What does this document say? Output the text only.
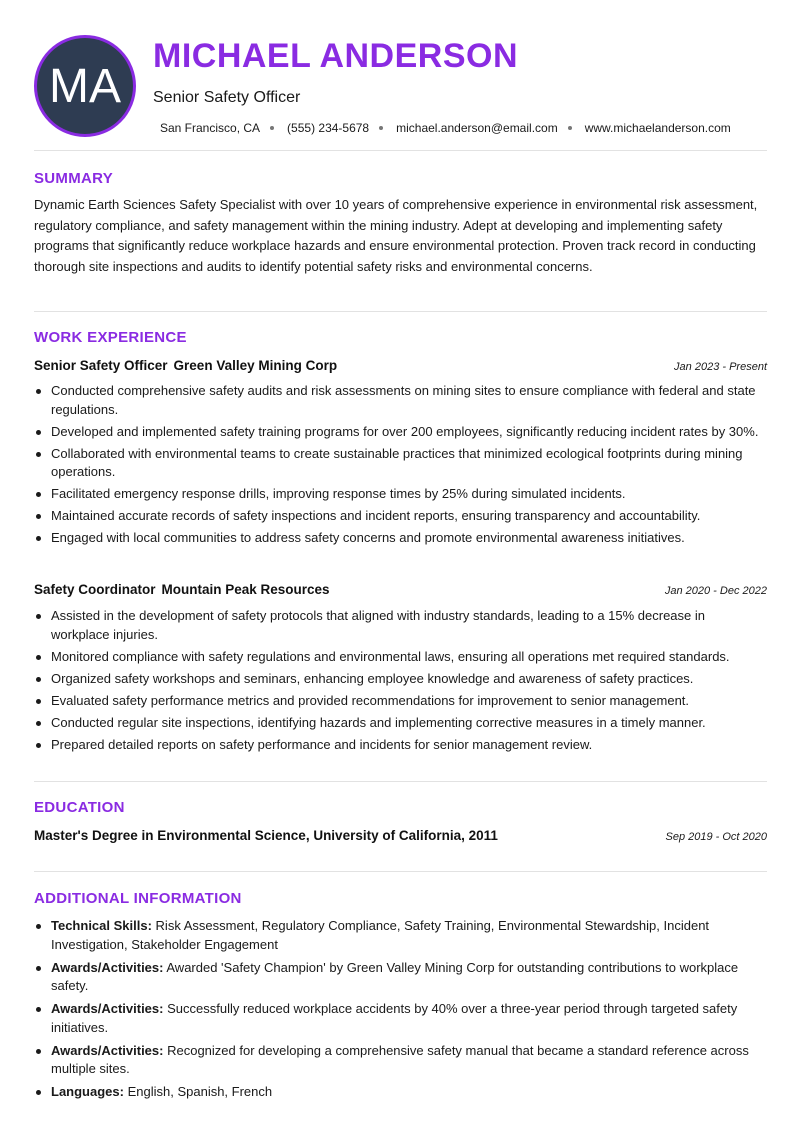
MA
MICHAEL ANDERSON
Senior Safety Officer
San Francisco, CA (555) 234-5678 michael.anderson@email.com www.michaelanderson.com
SUMMARY

Dynamic Earth Sciences Safety Specialist with over 10 years of comprehensive experience in environmental risk assessment, regulatory compliance, and safety management within the mining industry. Adept at developing and implementing safety programs that significantly reduce workplace hazards and ensure environmental protection. Proven track record in conducting thorough site inspections and audits to identify potential safety risks and environmental concerns.

WORK EXPERIENCE
Senior Safety Officer Green Valley Mining Corp	Jan 2023 - Present
Conducted comprehensive safety audits and risk assessments on mining sites to ensure compliance with federal and state regulations.
Developed and implemented safety training programs for over 200 employees, significantly reducing incident rates by 30%.
Collaborated with environmental teams to create sustainable practices that minimized ecological footprints during mining operations.
Facilitated emergency response drills, improving response times by 25% during simulated incidents.
Maintained accurate records of safety inspections and incident reports, ensuring transparency and accountability.
Engaged with local communities to address safety concerns and promote environmental awareness initiatives.
Safety Coordinator Mountain Peak Resources	Jan 2020 - Dec 2022
Assisted in the development of safety protocols that aligned with industry standards, leading to a 15% decrease in workplace injuries.
Monitored compliance with safety regulations and environmental laws, ensuring all operations met required standards.
Organized safety workshops and seminars, enhancing employee knowledge and awareness of safety practices.
Evaluated safety performance metrics and provided recommendations for improvement to senior management.
Conducted regular site inspections, identifying hazards and implementing corrective measures in a timely manner.
Prepared detailed reports on safety performance and incidents for senior management review.
EDUCATION
Master's Degree in Environmental Science, University of California, 2011	Sep 2019 - Oct 2020
ADDITIONAL INFORMATION
Technical Skills: Risk Assessment, Regulatory Compliance, Safety Training, Environmental Stewardship, Incident Investigation, Stakeholder Engagement
Awards/Activities: Awarded 'Safety Champion' by Green Valley Mining Corp for outstanding contributions to workplace safety.
Awards/Activities: Successfully reduced workplace accidents by 40% over a three-year period through targeted safety initiatives.
Awards/Activities: Recognized for developing a comprehensive safety manual that became a standard reference across multiple sites.
Languages: English, Spanish, French
